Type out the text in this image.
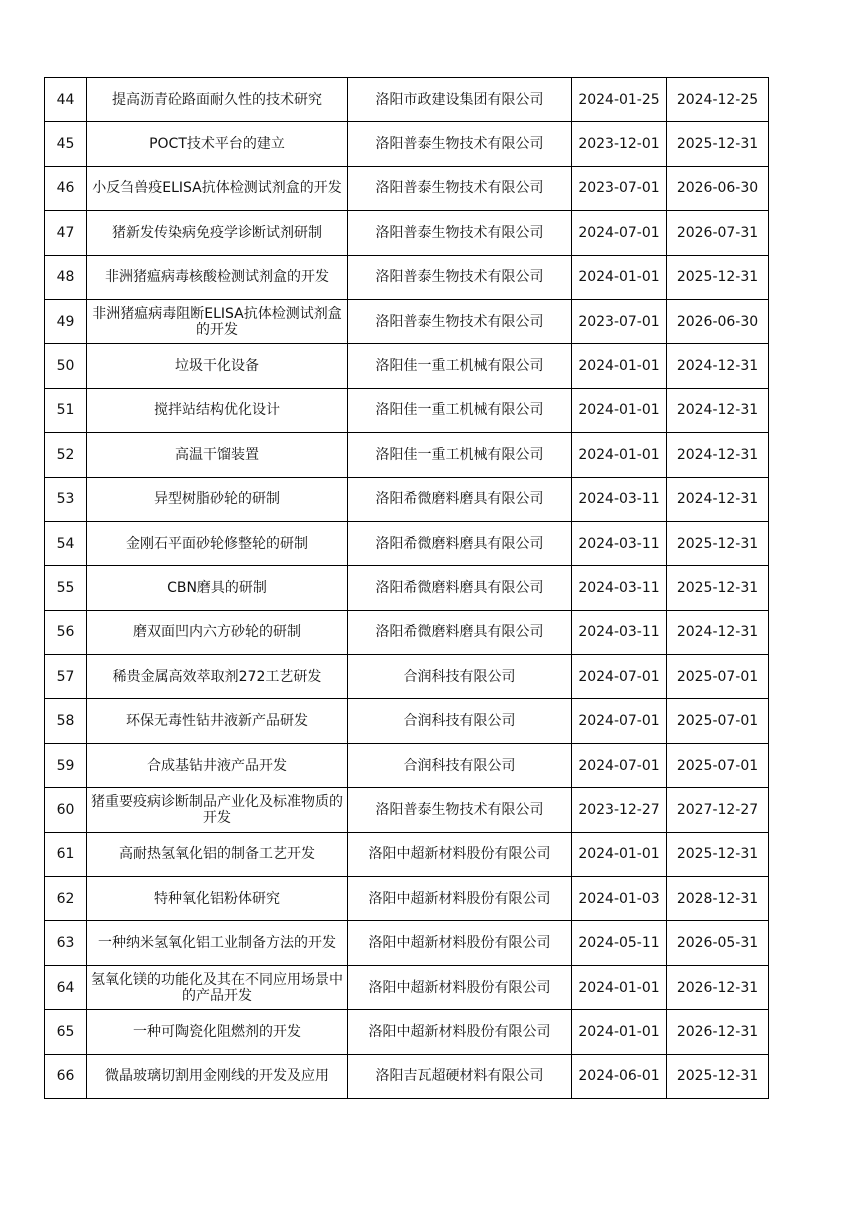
44	提高沥青砼路面耐久性的技术研究	洛阳市政建设集团有限公司	2024-01-25	2024-12-25
45	POCT技术平台的建立	洛阳普泰生物技术有限公司	2023-12-01	2025-12-31
46	小反刍兽疫ELISA抗体检测试剂盒的开发	洛阳普泰生物技术有限公司	2023-07-01	2026-06-30
47	猪新发传染病免疫学诊断试剂研制	洛阳普泰生物技术有限公司	2024-07-01	2026-07-31
48	非洲猪瘟病毒核酸检测试剂盒的开发	洛阳普泰生物技术有限公司	2024-01-01	2025-12-31
49	非洲猪瘟病毒阻断ELISA抗体检测试剂盒的开发	洛阳普泰生物技术有限公司	2023-07-01	2026-06-30
50	垃圾干化设备	洛阳佳一重工机械有限公司	2024-01-01	2024-12-31
51	搅拌站结构优化设计	洛阳佳一重工机械有限公司	2024-01-01	2024-12-31
52	高温干馏装置	洛阳佳一重工机械有限公司	2024-01-01	2024-12-31
53	异型树脂砂轮的研制	洛阳希微磨料磨具有限公司	2024-03-11	2024-12-31
54	金刚石平面砂轮修整轮的研制	洛阳希微磨料磨具有限公司	2024-03-11	2025-12-31
55	CBN磨具的研制	洛阳希微磨料磨具有限公司	2024-03-11	2025-12-31
56	磨双面凹内六方砂轮的研制	洛阳希微磨料磨具有限公司	2024-03-11	2024-12-31
57	稀贵金属高效萃取剂272工艺研发	合润科技有限公司	2024-07-01	2025-07-01
58	环保无毒性钻井液新产品研发	合润科技有限公司	2024-07-01	2025-07-01
59	合成基钻井液产品开发	合润科技有限公司	2024-07-01	2025-07-01
60	猪重要疫病诊断制品产业化及标准物质的开发	洛阳普泰生物技术有限公司	2023-12-27	2027-12-27
61	高耐热氢氧化铝的制备工艺开发	洛阳中超新材料股份有限公司	2024-01-01	2025-12-31
62	特种氧化铝粉体研究	洛阳中超新材料股份有限公司	2024-01-03	2028-12-31
63	一种纳米氢氧化铝工业制备方法的开发	洛阳中超新材料股份有限公司	2024-05-11	2026-05-31
64	氢氧化镁的功能化及其在不同应用场景中的产品开发	洛阳中超新材料股份有限公司	2024-01-01	2026-12-31
65	一种可陶瓷化阻燃剂的开发	洛阳中超新材料股份有限公司	2024-01-01	2026-12-31
66	微晶玻璃切割用金刚线的开发及应用	洛阳吉瓦超硬材料有限公司	2024-06-01	2025-12-31
